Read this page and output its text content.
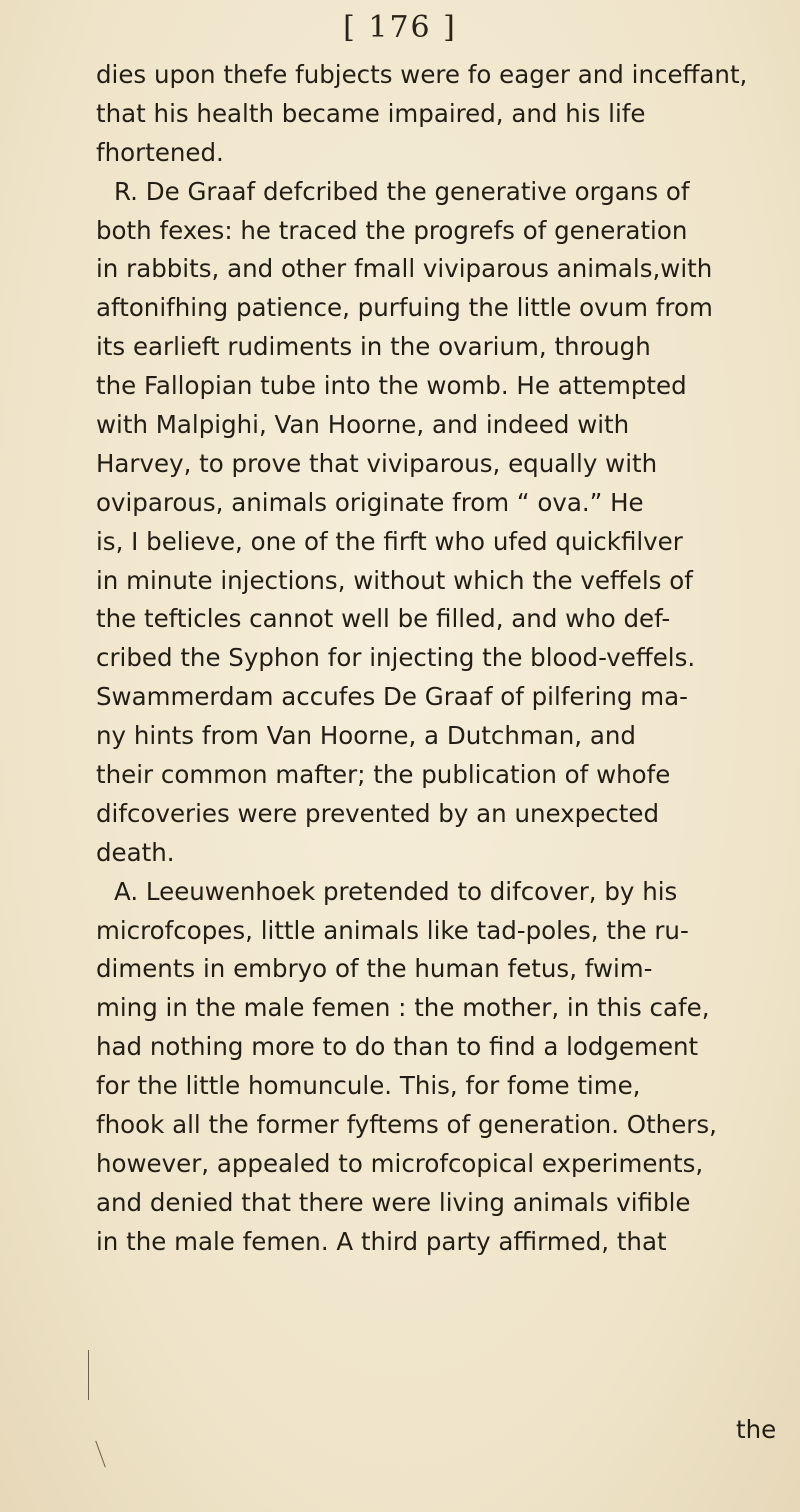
[ 176 ]
dies upon thefe fubjects were fo eager and inceffant,
that his health became impaired, and his life
fhortened.
R. De Graaf defcribed the generative organs of
both fexes: he traced the progrefs of generation
in rabbits, and other fmall viviparous animals,with
aftonifhing patience, purfuing the little ovum from
its earlieft rudiments in the ovarium, through
the Fallopian tube into the womb. He attempted
with Malpighi, Van Hoorne, and indeed with
Harvey, to prove that viviparous, equally with
oviparous, animals originate from “ ova.” He
is, I believe, one of the firft who ufed quickfilver
in minute injections, without which the veffels of
the tefticles cannot well be filled, and who def-
cribed the Syphon for injecting the blood-veffels.
Swammerdam accufes De Graaf of pilfering ma-
ny hints from Van Hoorne, a Dutchman, and
their common mafter; the publication of whofe
difcoveries were prevented by an unexpected
death.
A. Leeuwenhoek pretended to difcover, by his
microfcopes, little animals like tad-poles, the ru-
diments in embryo of the human fetus, fwim-
ming in the male femen : the mother, in this cafe,
had nothing more to do than to find a lodgement
for the little homuncule. This, for fome time,
fhook all the former fyftems of generation. Others,
however, appealed to microfcopical experiments,
and denied that there were living animals vifible
in the male femen. A third party affirmed, that
the
